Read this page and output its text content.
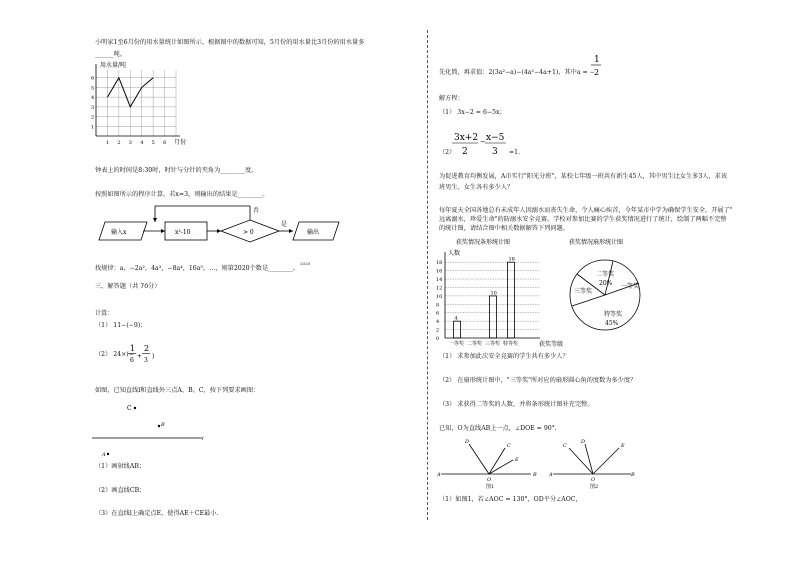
小明家1至6月份的用水量统计如图所示，根据图中的数据可知，5月份的用水量比3月份的用水量多
______吨。
1
2
3
4
5
6
1 2 3 4 5 6
用水量/吨
月份
钟表上的时间是8:30时，时针与分针的夹角为________度。
按照如图所示的程序计算，若x=3，则输出的结果是________。
输入x	x²-10	> 0
否
是
输出
找规律：a，−2a²，4a³，−8a⁴，16a⁵，…，则第2020个数是________。
2020
三、解答题（共 70分）
计算：
（1） 11−(−9)；
（2） 24×(−
1
6
+
2
3
)
如图，已知直线l和直线外三点A、B、C，按下列要求画图：
C
B
l
A
（1）画射线AB；
（2）画直线CB；
（3）在直线l上确定点E，使得AE＋CE最小.
先化简，再求值：2(3a²−a)−(4a²−4a+1)，其中a = −
1
2
解方程：
（1） 3x−2 = 6−5x；
（2）
3x+2
2
− x−5
3 =1.
为促进教育均衡发展，A市实行"阳光分班"，某校七年级一班共有新生45人，其中男生比女生多3人，求该
班男生、女生各有多少人？
每年夏天全国各地总有未成年人因溺水而丧失生命，令人痛心疾首，今年某市中学为确保学生安全，开展了"
远离溺水，珍爱生命"的防溺水安全竞赛，学校对参加比赛的学生获奖情况进行了统计，绘制了两幅不完整
的统计图，请结合图中相关数据解答下列问题。
获奖情况条形统计图
人数
0
2
4
6
8
10
12
14
16
18
4
10
18
一等奖 二等奖 三等奖 特等奖	获奖等级
获奖情况扇形统计图
二等奖
20%
三等奖
一等奖
特等奖
45%
（1） 求参加此次安全竞赛的学生共有多少人？
（2） 在扇形统计图中，"三等奖"所对应的扇形圆心角的度数为多少度？
（3） 求获得二等奖的人数，并将条形统计图补充完整。
已知，O为直线AB上一点，∠DOE = 90°.
A	B
D
C
E
O
图1
A	B
C
D
E
O
图2
（1）如图1，若∠AOC = 130°，OD平分∠AOC，
